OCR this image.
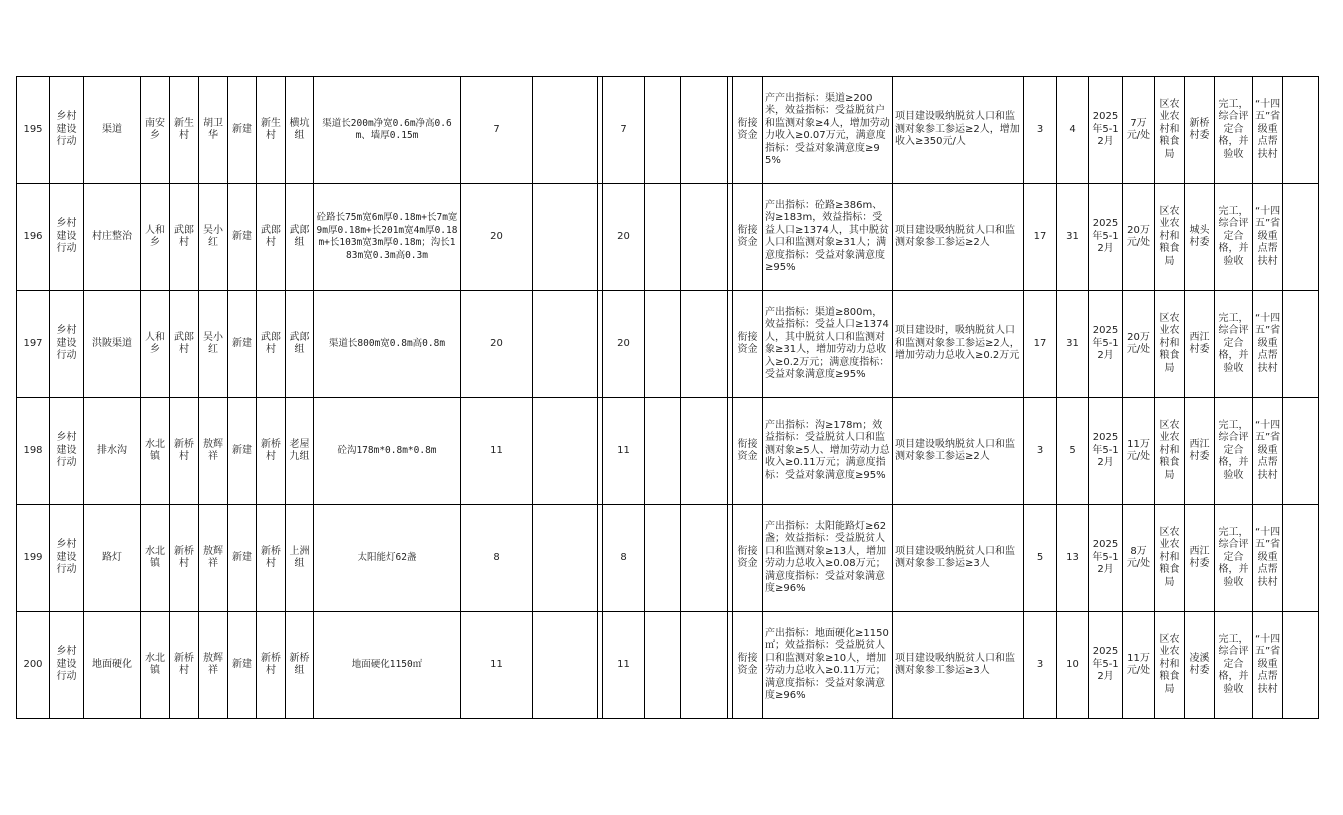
195	乡村建设行动	渠道	南安乡	新生村	胡卫华	新建	新生村	横坑组	渠道长200m净宽0.6m净高0.6m、墙厚0.15m	7			7				衔接资金	产产出指标：渠道≥200米，效益指标：受益脱贫户和监测对象≥4人，增加劳动力收入≥0.07万元，满意度指标：受益对象满意度≥95%	项目建设吸纳脱贫人口和监测对象参工参运≥2人，增加收入≥350元/人	3	4	2025年5-12月	7万元/处	区农业农村和粮食局	新桥村委	完工，综合评定合格，并验收	“十四五”省级重点帮扶村	
196	乡村建设行动	村庄整治	人和乡	武郎村	吴小红	新建	武郎村	武郎组	砼路长75m宽6m厚0.18m+长7m宽9m厚0.18m+长201m宽4m厚0.18m+长103m宽3m厚0.18m；沟长183m宽0.3m高0.3m	20			20				衔接资金	产出指标：砼路≥386m、沟≥183m，效益指标：受益人口≥1374人，其中脱贫人口和监测对象≥31人；满意度指标：受益对象满意度≥95%	项目建设吸纳脱贫人口和监测对象参工参运≥2人	17	31	2025年5-12月	20万元/处	区农业农村和粮食局	城头村委	完工，综合评定合格，并验收	“十四五”省级重点帮扶村	
197	乡村建设行动	洪陂渠道	人和乡	武郎村	吴小红	新建	武郎村	武郎组	渠道长800m宽0.8m高0.8m	20			20				衔接资金	产出指标：渠道≥800m，效益指标：受益人口≥1374人，其中脱贫人口和监测对象≥31人，增加劳动力总收入≥0.2万元；满意度指标：受益对象满意度≥95%	项目建设时，吸纳脱贫人口和监测对象参工参运≥2人，增加劳动力总收入≥0.2万元	17	31	2025年5-12月	20万元/处	区农业农村和粮食局	西江村委	完工，综合评定合格，并验收	“十四五”省级重点帮扶村	
198	乡村建设行动	排水沟	水北镇	新桥村	敖辉祥	新建	新桥村	老屋九组	砼沟178m*0.8m*0.8m	11			11				衔接资金	产出指标：沟≥178m；效益指标：受益脱贫人口和监测对象≥5人、增加劳动力总收入≥0.11万元；满意度指标：受益对象满意度≥95%	项目建设吸纳脱贫人口和监测对象参工参运≥2人	3	5	2025年5-12月	11万元/处	区农业农村和粮食局	西江村委	完工，综合评定合格，并验收	“十四五”省级重点帮扶村	
199	乡村建设行动	路灯	水北镇	新桥村	敖辉祥	新建	新桥村	上洲组	太阳能灯62盏	8			8				衔接资金	产出指标：太阳能路灯≥62盏；效益指标：受益脱贫人口和监测对象≥13人，增加劳动力总收入≥0.08万元；满意度指标：受益对象满意度≥96%	项目建设吸纳脱贫人口和监测对象参工参运≥3人	5	13	2025年5-12月	8万元/处	区农业农村和粮食局	西江村委	完工，综合评定合格，并验收	“十四五”省级重点帮扶村	
200	乡村建设行动	地面硬化	水北镇	新桥村	敖辉祥	新建	新桥村	新桥组	地面硬化1150㎡	11			11				衔接资金	产出指标：地面硬化≥1150㎡；效益指标：受益脱贫人口和监测对象≥10人，增加劳动力总收入≥0.11万元；满意度指标：受益对象满意度≥96%	项目建设吸纳脱贫人口和监测对象参工参运≥3人	3	10	2025年5-12月	11万元/处	区农业农村和粮食局	凌溪村委	完工，综合评定合格，并验收	“十四五”省级重点帮扶村	
